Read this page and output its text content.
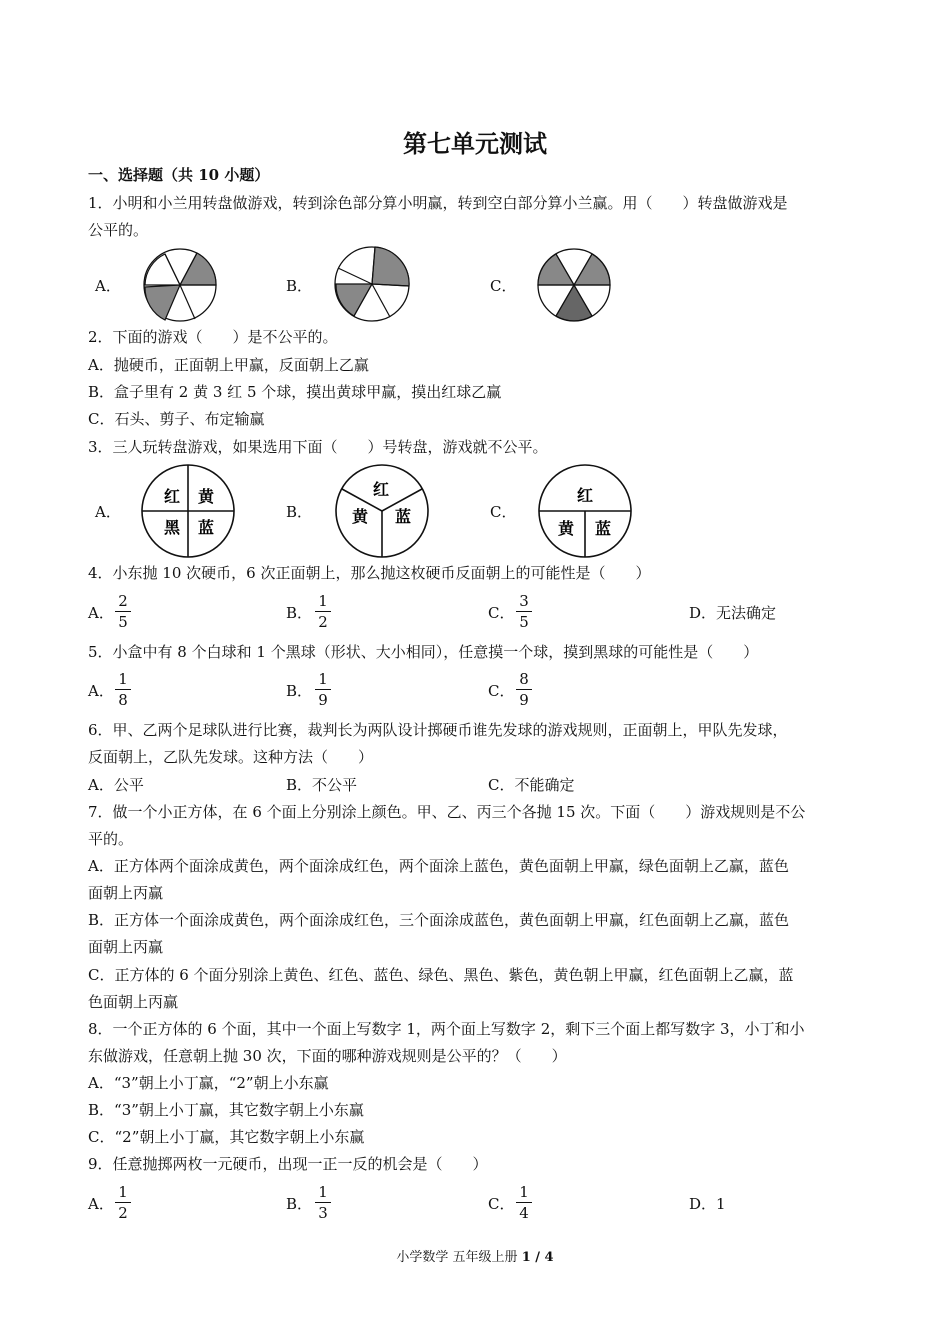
第七单元测试
一、选择题（共 10 小题）
1．小明和小兰用转盘做游戏，转到涂色部分算小明赢，转到空白部分算小兰赢。用（　　）转盘做游戏是
公平的。
A．	B．	C．
2．下面的游戏（　　）是不公平的。
A．抛硬币，正面朝上甲赢，反面朝上乙赢
B．盒子里有 2 黄 3 红 5 个球，摸出黄球甲赢，摸出红球乙赢
C．石头、剪子、布定输赢
3．三人玩转盘游戏，如果选用下面（　　）号转盘，游戏就不公平。
A．	B．	C．
红 黄
黑 蓝
红
黄 蓝
红
黄 蓝
4．小东抛 10 次硬币，6 次正面朝上，那么抛这枚硬币反面朝上的可能性是（　　）
A．
2
5	B．
1
2	C．
3
5	D．无法确定
5．小盒中有 8 个白球和 1 个黑球（形状、大小相同），任意摸一个球，摸到黑球的可能性是（　　）
A．
1
8	B．
1
9	C．
8
9
6．甲、乙两个足球队进行比赛，裁判长为两队设计掷硬币谁先发球的游戏规则，正面朝上，甲队先发球，
反面朝上，乙队先发球。这种方法（　　）
A．公平	B．不公平	C．不能确定
7．做一个小正方体，在 6 个面上分别涂上颜色。甲、乙、丙三个各抛 15 次。下面（　　）游戏规则是不公
平的。
A．正方体两个面涂成黄色，两个面涂成红色，两个面涂上蓝色，黄色面朝上甲赢，绿色面朝上乙赢，蓝色
面朝上丙赢
B．正方体一个面涂成黄色，两个面涂成红色，三个面涂成蓝色，黄色面朝上甲赢，红色面朝上乙赢，蓝色
面朝上丙赢
C．正方体的 6 个面分别涂上黄色、红色、蓝色、绿色、黑色、紫色，黄色朝上甲赢，红色面朝上乙赢，蓝
色面朝上丙赢
8．一个正方体的 6 个面，其中一个面上写数字 1，两个面上写数字 2，剩下三个面上都写数字 3，小丁和小
东做游戏，任意朝上抛 30 次，下面的哪种游戏规则是公平的？（　　）
A．“3”朝上小丁赢，“2”朝上小东赢
B．“3”朝上小丁赢，其它数字朝上小东赢
C．“2”朝上小丁赢，其它数字朝上小东赢
9．任意抛掷两枚一元硬币，出现一正一反的机会是（　　）
A．
1
2	B．
1
3	C．
1
4	D．1
小学数学 五年级上册 1 / 4
